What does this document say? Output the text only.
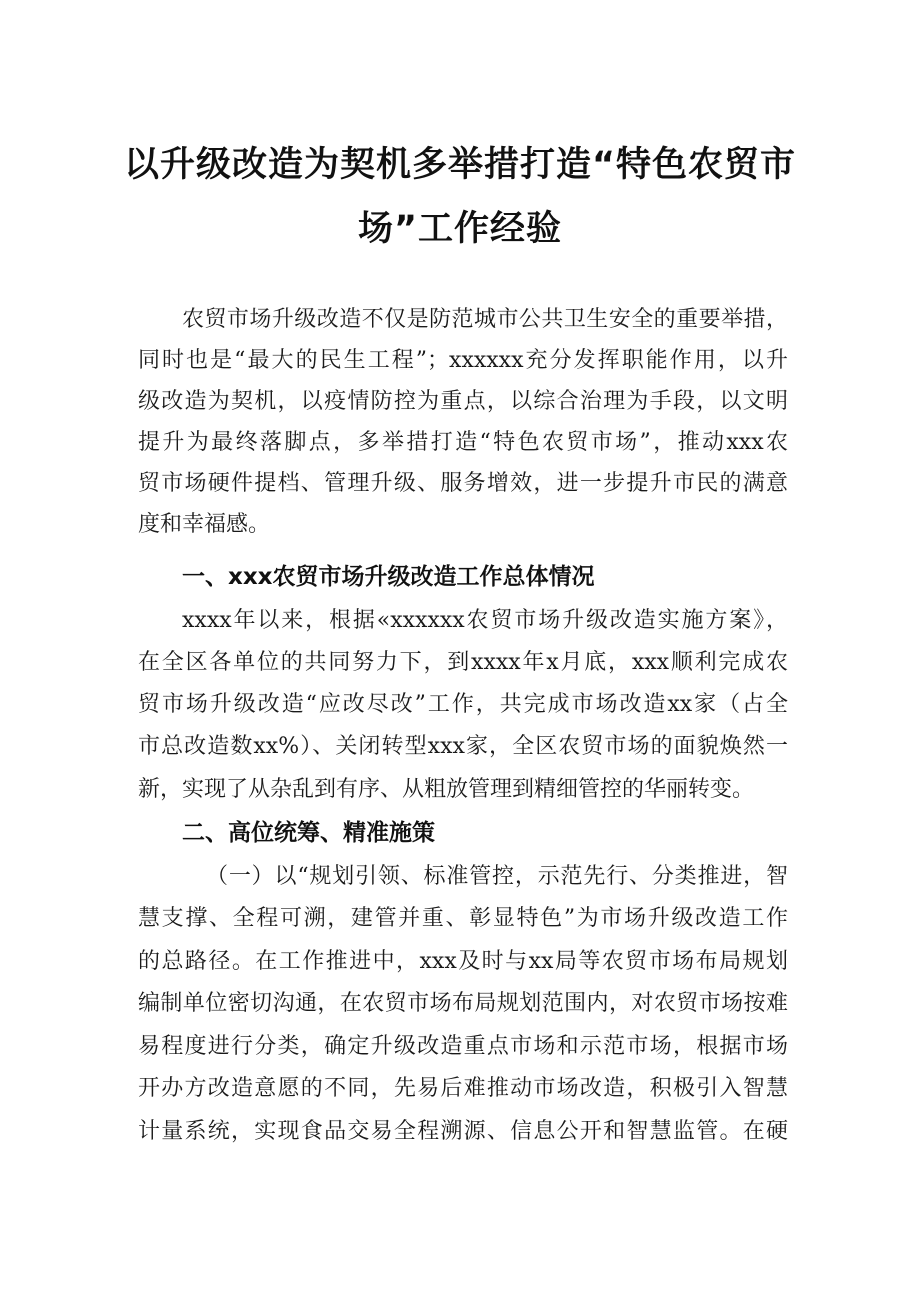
以升级改造为契机多举措打造“特色农贸市
场”工作经验
农贸市场升级改造不仅是防范城市公共卫生安全的重要举措，
同时也是“最大的民生工程”；xxxxxx充分发挥职能作用，以升
级改造为契机，以疫情防控为重点，以综合治理为手段，以文明
提升为最终落脚点，多举措打造“特色农贸市场”，推动xxx农
贸市场硬件提档、管理升级、服务增效，进一步提升市民的满意
度和幸福感。
一、xxx农贸市场升级改造工作总体情况
xxxx年以来，根据«xxxxxx农贸市场升级改造实施方案》，
在全区各单位的共同努力下，到xxxx年x月底，xxx顺利完成农
贸市场升级改造“应改尽改”工作，共完成市场改造xx家（占全
市总改造数xx%）、关闭转型xxx家，全区农贸市场的面貌焕然一
新，实现了从杂乱到有序、从粗放管理到精细管控的华丽转变。
二、高位统筹、精准施策
（一）以“规划引领、标准管控，示范先行、分类推进，智
慧支撑、全程可溯，建管并重、彰显特色”为市场升级改造工作
的总路径。在工作推进中，xxx及时与xx局等农贸市场布局规划
编制单位密切沟通，在农贸市场布局规划范围内，对农贸市场按难
易程度进行分类，确定升级改造重点市场和示范市场，根据市场
开办方改造意愿的不同，先易后难推动市场改造，积极引入智慧
计量系统，实现食品交易全程溯源、信息公开和智慧监管。在硬
